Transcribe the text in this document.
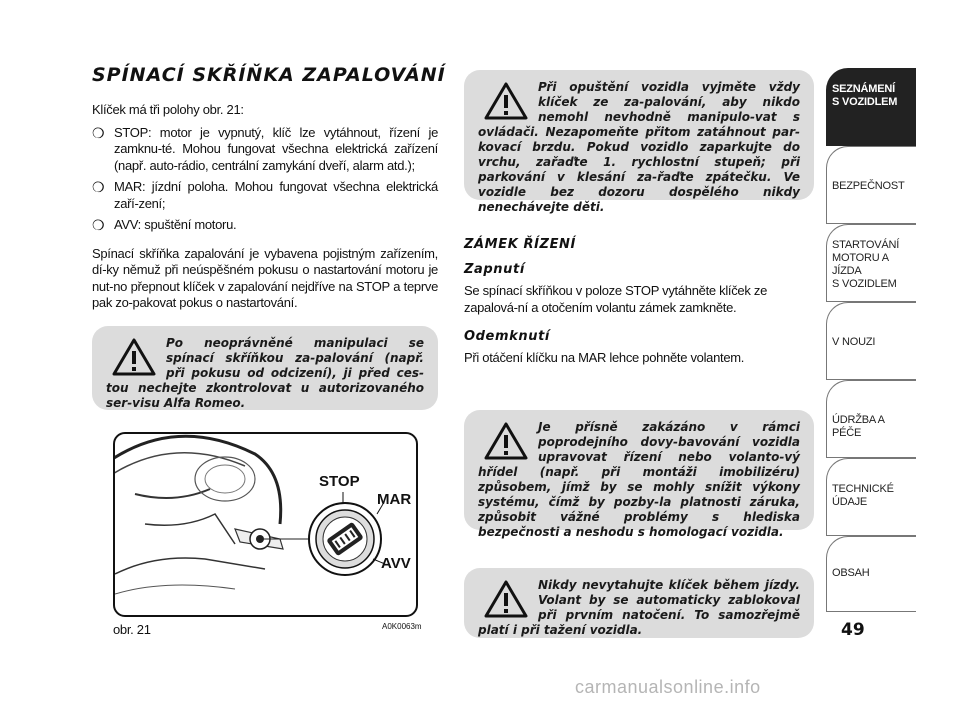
SPÍNACÍ SKŘÍŇKA ZAPALOVÁNÍ

Klíček má tři polohy obr. 21:

❍ STOP: motor je vypnutý, klíč lze vytáhnout, řízení je zamknu-té. Mohou fungovat všechna elektrická zařízení (např. auto-rádio, centrální zamykání dveří, alarm atd.);
❍ MAR: jízdní poloha. Mohou fungovat všechna elektrická zaří-zení;
❍ AVV: spuštění motoru.

Spínací skříňka zapalování je vybavena pojistným zařízením, dí-ky němuž při neúspěšném pokusu o nastartování motoru je nut-no přepnout klíček v zapalování nejdříve na STOP a teprve pak zo-pakovat pokus o nastartování.

Po neoprávněné manipulaci se spínací skříňkou za-palování (např. při pokusu od odcizení), ji před ces-tou nechejte zkontrolovat u autorizovaného ser-visu Alfa Romeo.
STOP
MAR
AVV
obr. 21	A0K0063m
Při opuštění vozidla vyjměte vždy klíček ze za-palování, aby nikdo nemohl nevhodně manipulo-vat s ovládači. Nezapomeňte přitom zatáhnout par-kovací brzdu. Pokud vozidlo zaparkujte do vrchu, zařaďte 1. rychlostní stupeň; při parkování v klesání za-řaďte zpátečku. Ve vozidle bez dozoru dospělého nikdy nenechávejte děti.
ZÁMEK ŘÍZENÍ
Zapnutí

Se spínací skříňkou v poloze STOP vytáhněte klíček ze zapalová-ní a otočením volantu zámek zamkněte.

Odemknutí

Při otáčení klíčku na MAR lehce pohněte volantem.

Je přísně zakázáno v rámci poprodejního dovy-bavování vozidla upravovat řízení nebo volanto-vý hřídel (např. při montáži imobilizéru) způsobem, jímž by se mohly snížit výkony systému, čímž by pozby-la platnosti záruka, způsobit vážné problémy s hlediska bezpečnosti a neshodu s homologací vozidla.
Nikdy nevytahujte klíček během jízdy. Volant by se automaticky zablokoval při prvním natočení. To samozřejmě platí i při tažení vozidla.
SEZNÁMENÍ
S VOZIDLEM
BEZPEČNOST
STARTOVÁNÍ
MOTORU A JÍZDA
S VOZIDLEM
V NOUZI
ÚDRŽBA A PÉČE
TECHNICKÉ
ÚDAJE
OBSAH
49
carmanualsonline.info
